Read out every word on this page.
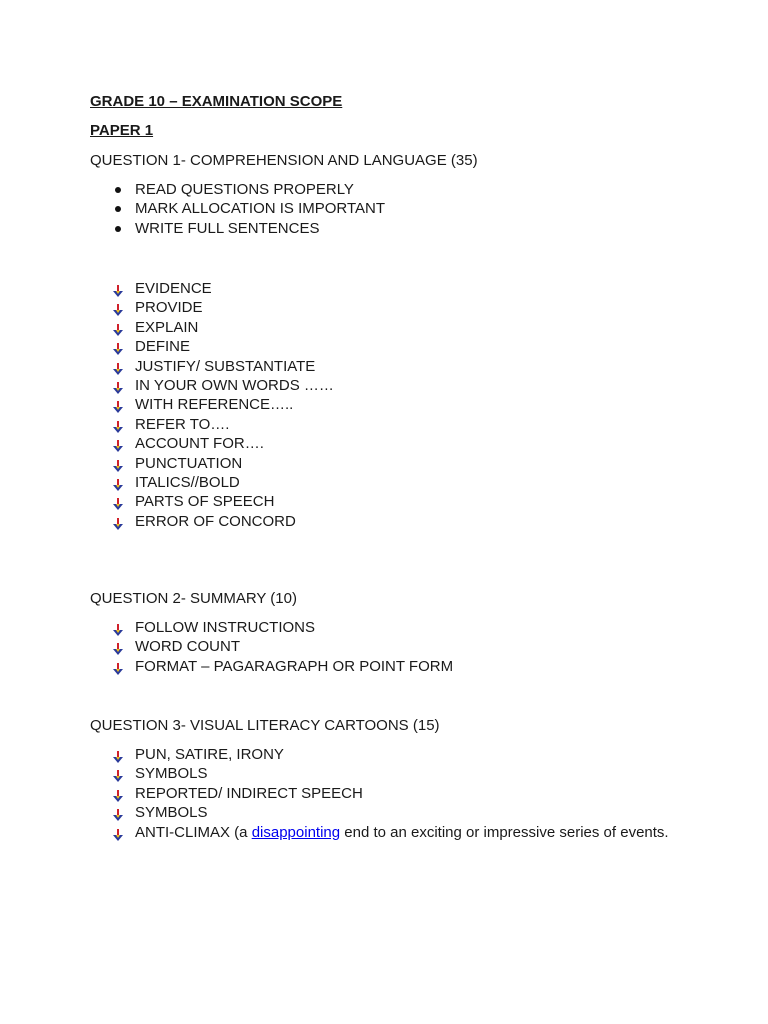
GRADE 10 – EXAMINATION SCOPE
PAPER 1
QUESTION 1- COMPREHENSION AND LANGUAGE (35)
READ QUESTIONS PROPERLY
MARK ALLOCATION IS IMPORTANT
WRITE FULL SENTENCES
EVIDENCE
PROVIDE
EXPLAIN
DEFINE
JUSTIFY/ SUBSTANTIATE
IN YOUR OWN WORDS ……
WITH REFERENCE…..
REFER TO….
ACCOUNT FOR….
PUNCTUATION
ITALICS//BOLD
PARTS OF SPEECH
ERROR OF CONCORD
QUESTION 2- SUMMARY (10)
FOLLOW INSTRUCTIONS
WORD COUNT
FORMAT – PAGARAGRAPH OR POINT FORM
QUESTION 3- VISUAL LITERACY CARTOONS (15)
PUN, SATIRE, IRONY
SYMBOLS
REPORTED/ INDIRECT SPEECH
SYMBOLS
ANTI-CLIMAX (a disappointing end to an exciting or impressive series of events.
